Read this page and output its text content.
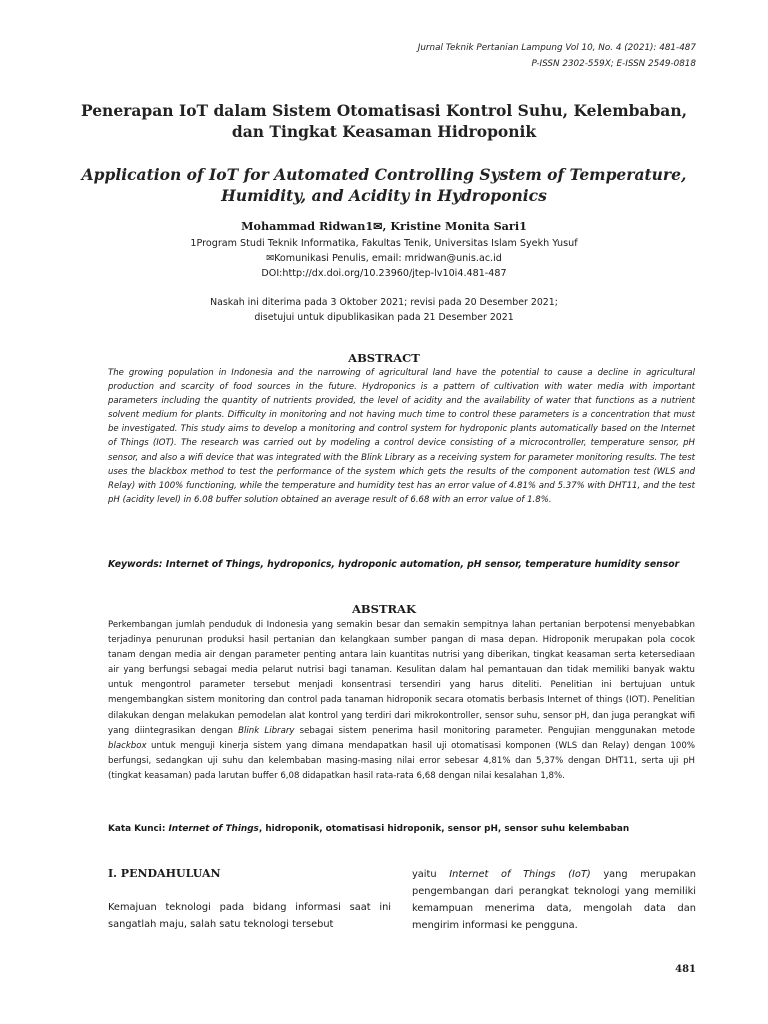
Jurnal Teknik Pertanian Lampung Vol 10, No. 4 (2021): 481-487
P-ISSN 2302-559X; E-ISSN 2549-0818
Penerapan IoT dalam Sistem Otomatisasi Kontrol Suhu, Kelembaban,
dan Tingkat Keasaman Hidroponik
Application of IoT for Automated Controlling System of Temperature,
Humidity, and Acidity in Hydroponics
Mohammad Ridwan1✉, Kristine Monita Sari1
1Program Studi Teknik Informatika, Fakultas Tenik, Universitas Islam Syekh Yusuf
✉Komunikasi Penulis, email: mridwan@unis.ac.id
DOI:http://dx.doi.org/10.23960/jtep-lv10i4.481-487
Naskah ini diterima pada 3 Oktober 2021; revisi pada 20 Desember 2021;
disetujui untuk dipublikasikan pada 21 Desember 2021
ABSTRACT
The growing population in Indonesia and the narrowing of agricultural land have the potential to cause a decline in agricultural production and scarcity of food sources in the future. Hydroponics is a pattern of cultivation with water media with important parameters including the quantity of nutrients provided, the level of acidity and the availability of water that functions as a nutrient solvent medium for plants. Difficulty in monitoring and not having much time to control these parameters is a concentration that must be investigated. This study aims to develop a monitoring and control system for hydroponic plants automatically based on the Internet of Things (IOT). The research was carried out by modeling a control device consisting of a microcontroller, temperature sensor, pH sensor, and also a wifi device that was integrated with the Blink Library as a receiving system for parameter monitoring results. The test uses the blackbox method to test the performance of the system which gets the results of the component automation test (WLS and Relay) with 100% functioning, while the temperature and humidity test has an error value of 4.81% and 5.37% with DHT11, and the test pH (acidity level) in 6.08 buffer solution obtained an average result of 6.68 with an error value of 1.8%.
Keywords: Internet of Things, hydroponics, hydroponic automation, pH sensor, temperature humidity sensor
ABSTRAK
Perkembangan jumlah penduduk di Indonesia yang semakin besar dan semakin sempitnya lahan pertanian berpotensi menyebabkan terjadinya penurunan produksi hasil pertanian dan kelangkaan sumber pangan di masa depan. Hidroponik merupakan pola cocok tanam dengan media air dengan parameter penting antara lain kuantitas nutrisi yang diberikan, tingkat keasaman serta ketersediaan air yang berfungsi sebagai media pelarut nutrisi bagi tanaman. Kesulitan dalam hal pemantauan dan tidak memiliki banyak waktu untuk mengontrol parameter tersebut menjadi konsentrasi tersendiri yang harus diteliti. Penelitian ini bertujuan untuk mengembangkan sistem monitoring dan control pada tanaman hidroponik secara otomatis berbasis Internet of things (IOT). Penelitian dilakukan dengan melakukan pemodelan alat kontrol yang terdiri dari mikrokontroller, sensor suhu, sensor pH, dan juga perangkat wifi yang diintegrasikan dengan Blink Library sebagai sistem penerima hasil monitoring parameter. Pengujian menggunakan metode blackbox untuk menguji kinerja sistem yang dimana mendapatkan hasil uji otomatisasi komponen (WLS dan Relay) dengan 100% berfungsi, sedangkan uji suhu dan kelembaban masing-masing nilai error sebesar 4,81% dan 5,37% dengan DHT11, serta uji pH (tingkat keasaman) pada larutan buffer 6,08 didapatkan hasil rata-rata 6,68 dengan nilai kesalahan 1,8%.
Kata Kunci: Internet of Things, hidroponik, otomatisasi hidroponik, sensor pH, sensor suhu kelembaban
I. PENDAHULUAN
Kemajuan teknologi pada bidang informasi saat ini sangatlah maju, salah satu teknologi tersebut
yaitu Internet of Things (IoT) yang merupakan pengembangan dari perangkat teknologi yang memiliki kemampuan menerima data, mengolah data dan mengirim informasi ke pengguna.
481
